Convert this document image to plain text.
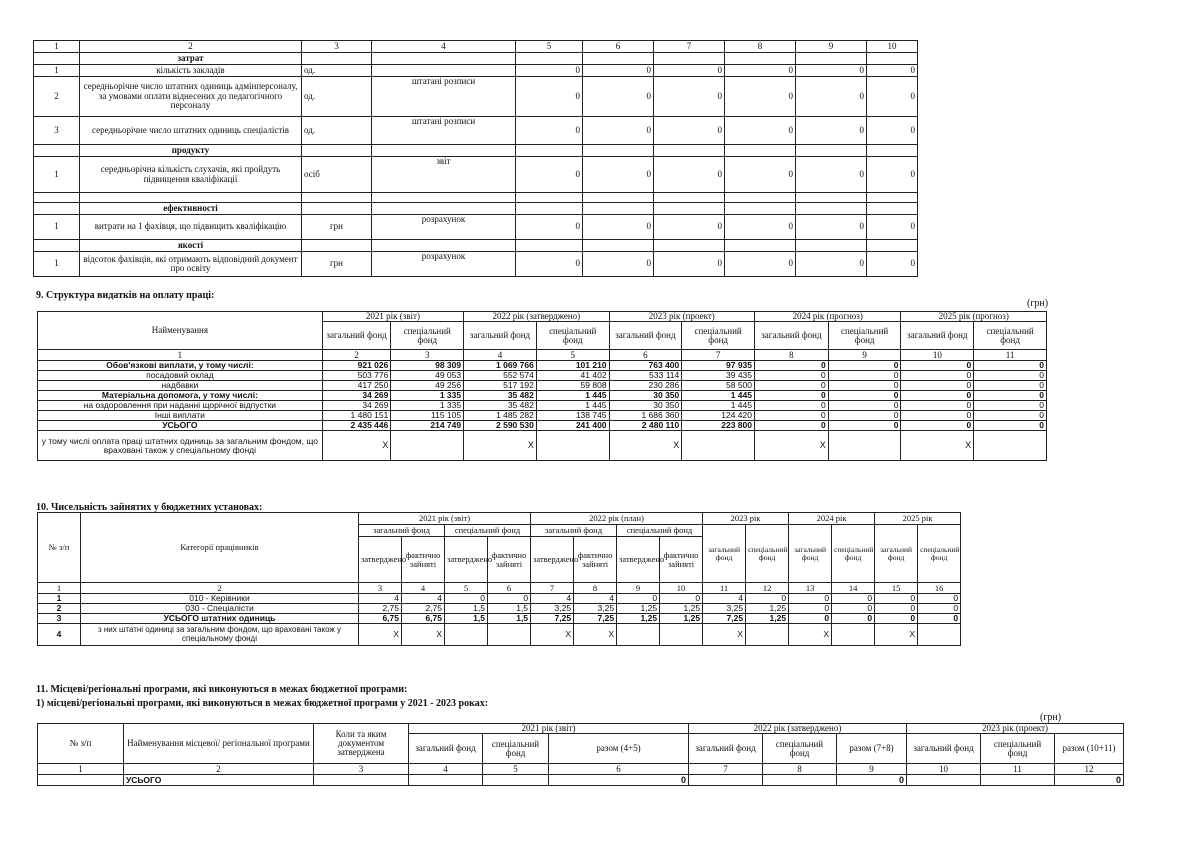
1	2	3	4	5	6	7	8	9	10
	затрат								
1	кількість закладів	од.		0	0	0	0	0	0
2	середньорічне число штатних одиниць адмінперсоналу, за умовами оплати віднесених до педагогічного персоналу	од.	штатані розписи	0	0	0	0	0	0
3	середньорічне число штатних одиниць спеціалістів	од.	штатані розписи	0	0	0	0	0	0
	продукту								
1	середньорічна кількість слухачів, які пройдуть підвищення кваліфікації	осіб	звіт	0	0	0	0	0	0

	ефективності								
1	витрати на 1 фахівця, що підвищить кваліфікацію	грн	розрахунок	0	0	0	0	0	0
	якості								
1	відсоток фахівців, які отримають відповідний документ про освіту	грн	розрахунок	0	0	0	0	0	0
9. Структура видатків на оплату праці:
(грн)
Найменування	2021 рік (звіт)		2022 рік (затверджено)		2023 рік (проект)		2024 рік (прогноз)		2025 рік (прогноз)	
	загальний фонд	спеціальний фонд	загальний фонд	спеціальний фонд	загальний фонд	спеціальний фонд	загальний фонд	спеціальний фонд	загальний фонд	спеціальний фонд
1	2	3	4	5	6	7	8	9	10	11
Обов'язкові виплати, у тому числі:	921 026	98 309	1 069 766	101 210	763 400	97 935	0	0	0	0
посадовий оклад	503 776	49 053	552 574	41 402	533 114	39 435	0	0	0	0
надбавки	417 250	49 256	517 192	59 808	230 286	58 500	0	0	0	0
Матеріальна допомога, у тому числі:	34 269	1 335	35 482	1 445	30 350	1 445	0	0	0	0
на оздоровлення при наданні щорічної відпустки	34 269	1 335	35 482	1 445	30 350	1 445	0	0	0	0
Інші виплати	1 480 151	115 105	1 485 282	138 745	1 686 360	124 420	0	0	0	0
УСЬОГО	2 435 446	214 749	2 590 530	241 400	2 480 110	223 800	0	0	0	0
у тому числі оплата праці штатних одиниць за загальним фондом, що враховані також у спеціальному фонді	X		X		X		X		X	
10. Чисельність зайнятих у бюджетних установах:
№ з/п	Категорії працівників	2021 рік (звіт)				2022 рік (план)				2023 рік		2024 рік		2025 рік	
		загальний фонд		спеціальний фонд		загальний фонд		спеціальний фонд		загальний фонд	спеціальний фонд	загальний фонд	спеціальний фонд	загальний фонд	спеціальний фонд
		затверджено	фактично зайняті	затверджено	фактично зайняті	затверджено	фактично зайняті	затверджено	фактично зайняті						
1	2	3	4	5	6	7	8	9	10	11	12	13	14	15	16
1	010 - Керівники	4	4	0	0	4	4	0	0	4	0	0	0	0	0
2	030 - Спеціалісти	2,75	2,75	1,5	1,5	3,25	3,25	1,25	1,25	3,25	1,25	0	0	0	0
3	УСЬОГО штатних одиниць	6,75	6,75	1,5	1,5	7,25	7,25	1,25	1,25	7,25	1,25	0	0	0	0
4	з них штатні одиниці за загальним фондом, що враховані також у спеціальному фонді	X	X			X	X			X		X		X	
11. Місцеві/регіональні програми, які виконуються в межах бюджетної програми:
1) місцеві/регіональні програми, які виконуються в межах бюджетної програми у 2021 - 2023 роках:
(грн)
№ з/п	Найменування місцевої/ регіональної програми	Коли та яким документом затверджена	2021 рік (звіт)			2022 рік (затверджено)			2023 рік (проект)		
			загальний фонд	спеціальний фонд	разом (4+5)	загальний фонд	спеціальний фонд	разом (7+8)	загальний фонд	спеціальний фонд	разом (10+11)
1	2	3	4	5	6	7	8	9	10	11	12
	УСЬОГО				0			0			0
